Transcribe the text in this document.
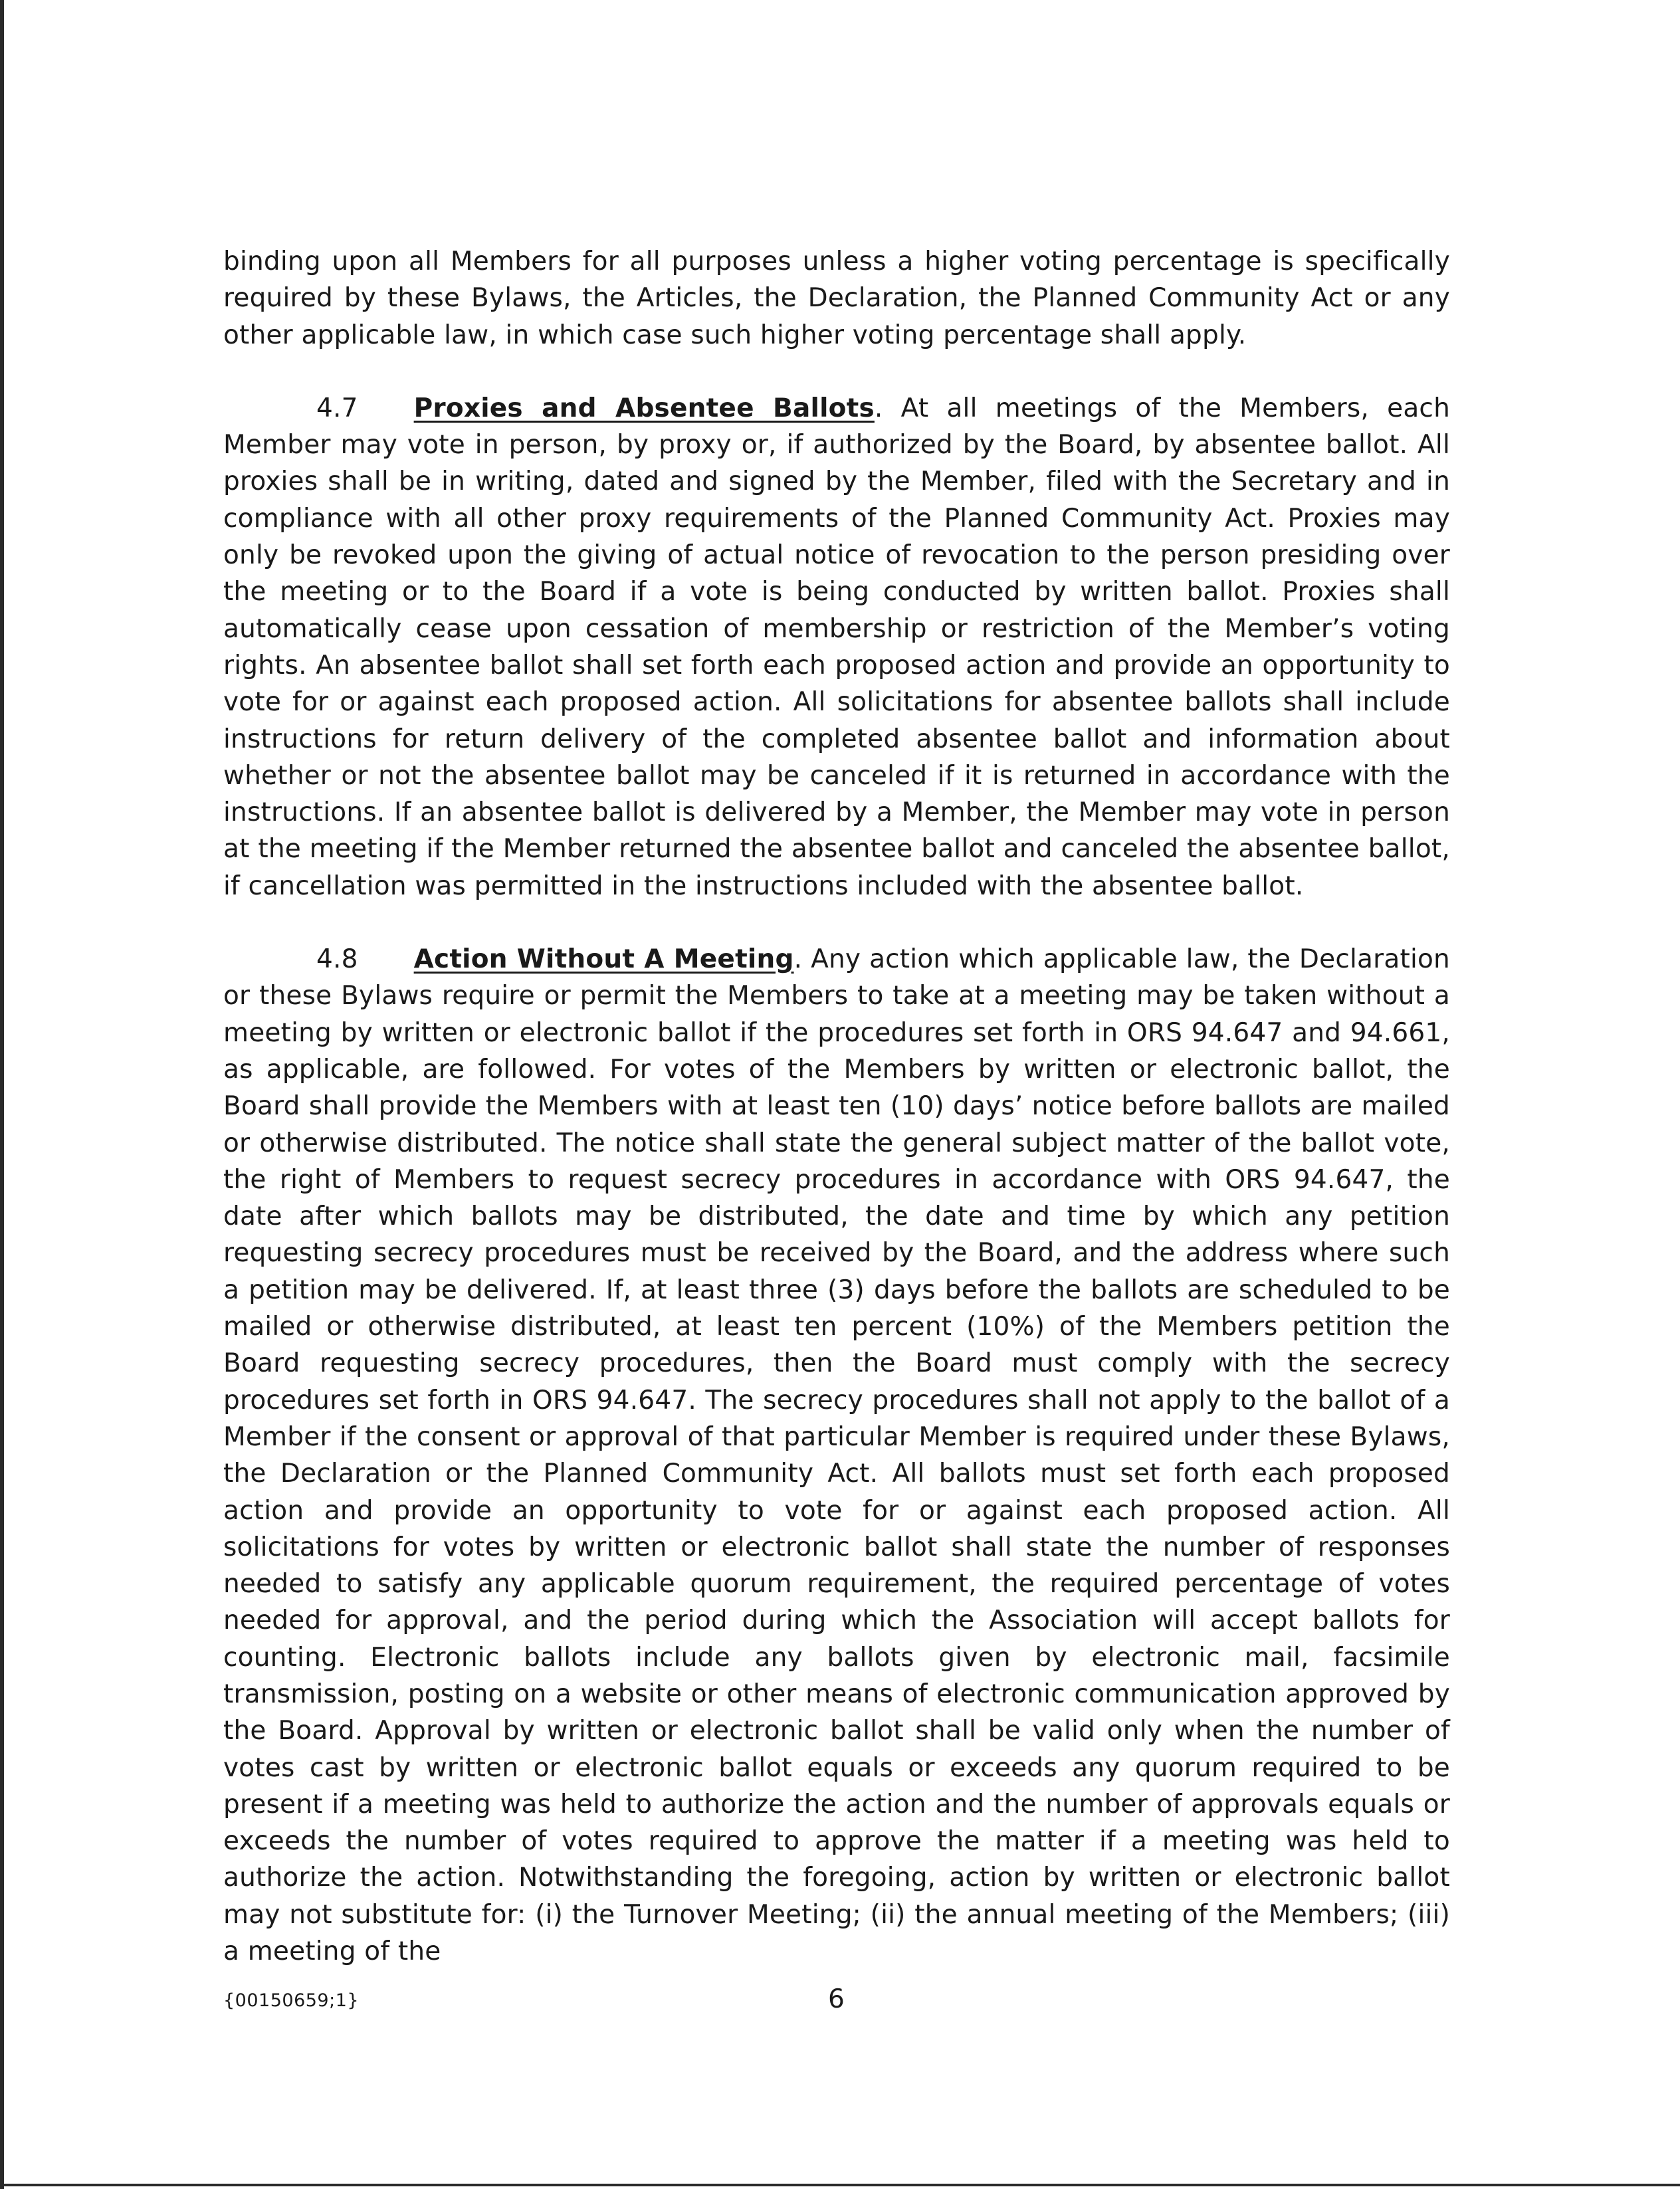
binding upon all Members for all purposes unless a higher voting percentage is specifically required by these Bylaws, the Articles, the Declaration, the Planned Community Act or any other applicable law, in which case such higher voting percentage shall apply.

4.7 Proxies and Absentee Ballots. At all meetings of the Members, each Member may vote in person, by proxy or, if authorized by the Board, by absentee ballot. All proxies shall be in writing, dated and signed by the Member, filed with the Secretary and in compliance with all other proxy requirements of the Planned Community Act. Proxies may only be revoked upon the giving of actual notice of revocation to the person presiding over the meeting or to the Board if a vote is being conducted by written ballot. Proxies shall automatically cease upon cessation of membership or restriction of the Member’s voting rights. An absentee ballot shall set forth each proposed action and provide an opportunity to vote for or against each proposed action. All solicitations for absentee ballots shall include instructions for return delivery of the completed absentee ballot and information about whether or not the absentee ballot may be canceled if it is returned in accordance with the instructions. If an absentee ballot is delivered by a Member, the Member may vote in person at the meeting if the Member returned the absentee ballot and canceled the absentee ballot, if cancellation was permitted in the instructions included with the absentee ballot.

4.8 Action Without A Meeting. Any action which applicable law, the Declaration or these Bylaws require or permit the Members to take at a meeting may be taken without a meeting by written or electronic ballot if the procedures set forth in ORS 94.647 and 94.661, as applicable, are followed. For votes of the Members by written or electronic ballot, the Board shall provide the Members with at least ten (10) days’ notice before ballots are mailed or otherwise distributed. The notice shall state the general subject matter of the ballot vote, the right of Members to request secrecy procedures in accordance with ORS 94.647, the date after which ballots may be distributed, the date and time by which any petition requesting secrecy procedures must be received by the Board, and the address where such a petition may be delivered. If, at least three (3) days before the ballots are scheduled to be mailed or otherwise distributed, at least ten percent (10%) of the Members petition the Board requesting secrecy procedures, then the Board must comply with the secrecy procedures set forth in ORS 94.647. The secrecy procedures shall not apply to the ballot of a Member if the consent or approval of that particular Member is required under these Bylaws, the Declaration or the Planned Community Act. All ballots must set forth each proposed action and provide an opportunity to vote for or against each proposed action. All solicitations for votes by written or electronic ballot shall state the number of responses needed to satisfy any applicable quorum requirement, the required percentage of votes needed for approval, and the period during which the Association will accept ballots for counting. Electronic ballots include any ballots given by electronic mail, facsimile transmission, posting on a website or other means of electronic communication approved by the Board. Approval by written or electronic ballot shall be valid only when the number of votes cast by written or electronic ballot equals or exceeds any quorum required to be present if a meeting was held to authorize the action and the number of approvals equals or exceeds the number of votes required to approve the matter if a meeting was held to authorize the action. Notwithstanding the foregoing, action by written or electronic ballot may not substitute for: (i) the Turnover Meeting; (ii) the annual meeting of the Members; (iii) a meeting of the

{00150659;1}	6
